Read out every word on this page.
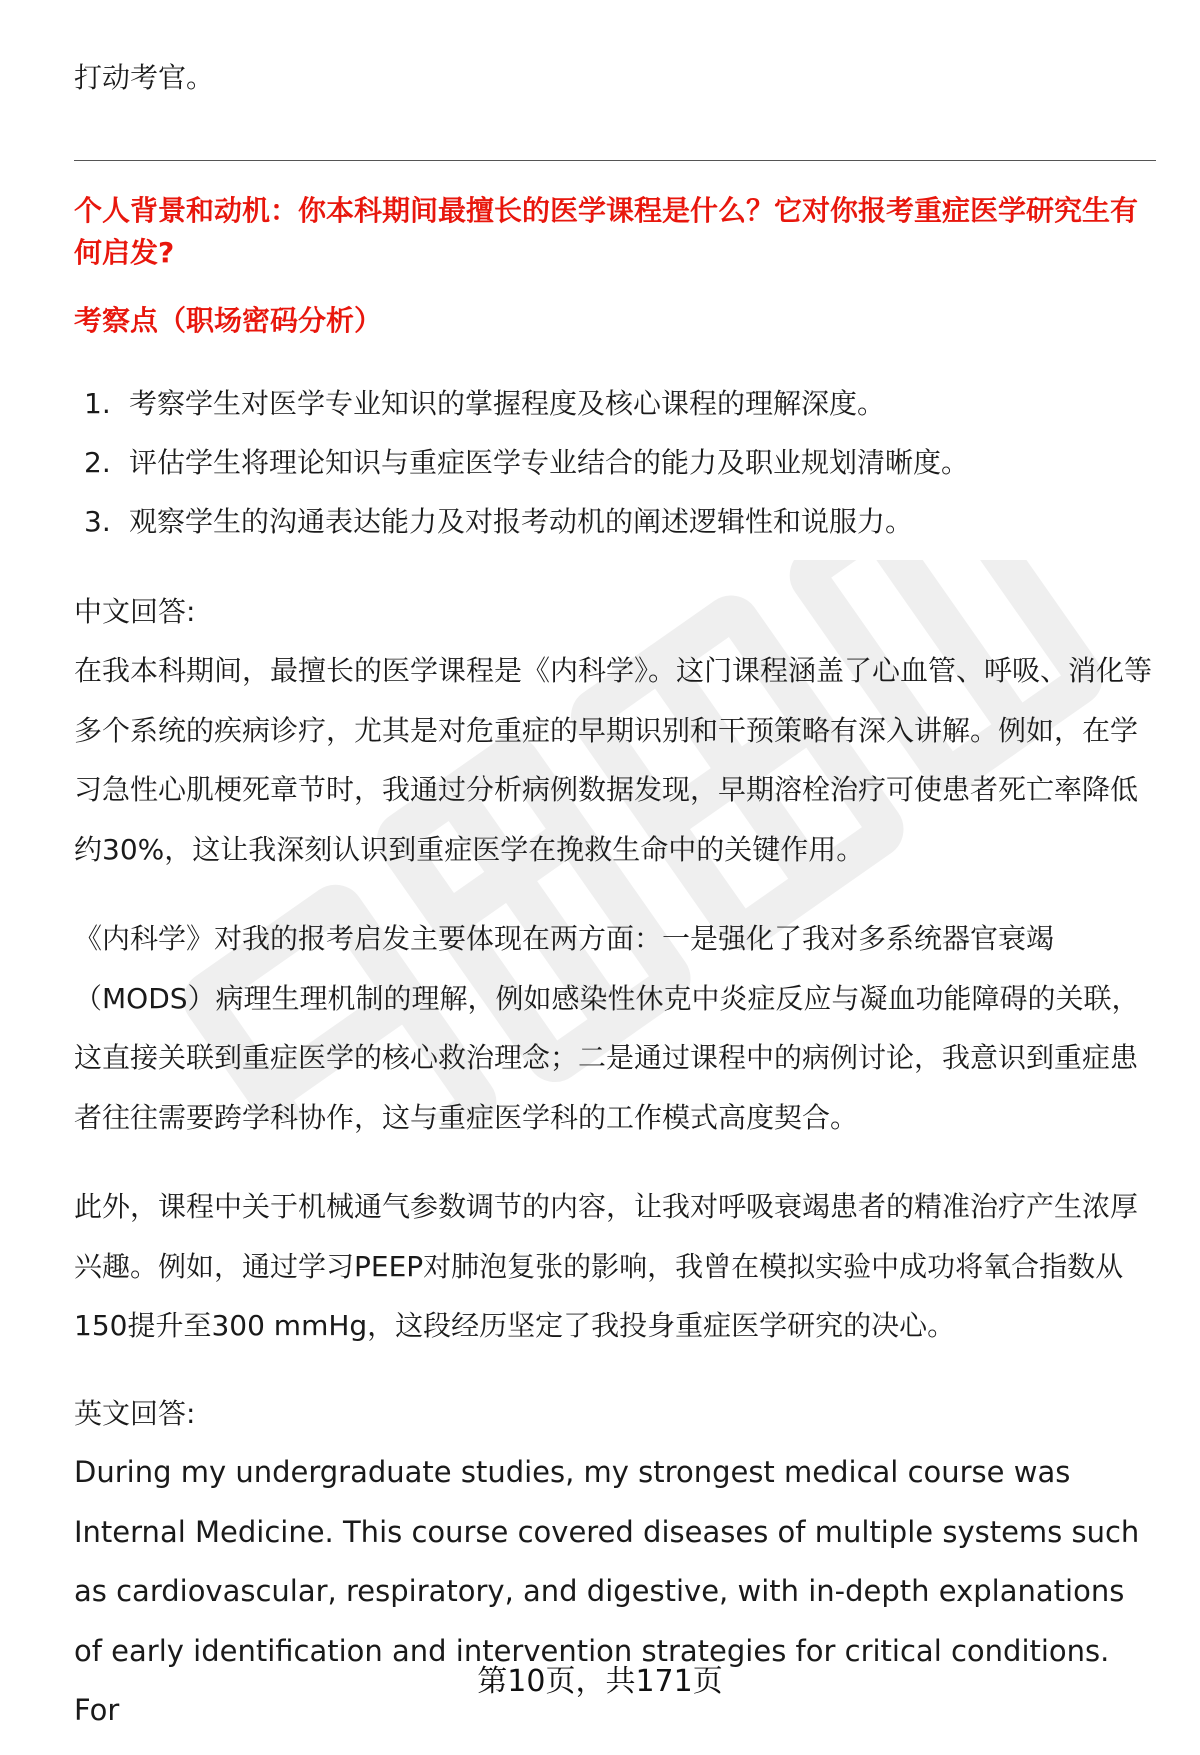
打动考官。
个人背景和动机：你本科期间最擅长的医学课程是什么？它对你报考重症医学研究生有何启发?
考察点（职场密码分析）
1. 考察学生对医学专业知识的掌握程度及核心课程的理解深度。
2. 评估学生将理论知识与重症医学专业结合的能力及职业规划清晰度。
3. 观察学生的沟通表达能力及对报考动机的阐述逻辑性和说服力。
中文回答:

在我本科期间，最擅长的医学课程是《内科学》。这门课程涵盖了心血管、呼吸、消化等多个系统的疾病诊疗，尤其是对危重症的早期识别和干预策略有深入讲解。例如，在学习急性心肌梗死章节时，我通过分析病例数据发现，早期溶栓治疗可使患者死亡率降低约30%，这让我深刻认识到重症医学在挽救生命中的关键作用。

《内科学》对我的报考启发主要体现在两方面：一是强化了我对多系统器官衰竭（MODS）病理生理机制的理解，例如感染性休克中炎症反应与凝血功能障碍的关联，这直接关联到重症医学的核心救治理念；二是通过课程中的病例讨论，我意识到重症患者往往需要跨学科协作，这与重症医学科的工作模式高度契合。

此外，课程中关于机械通气参数调节的内容，让我对呼吸衰竭患者的精准治疗产生浓厚兴趣。例如，通过学习PEEP对肺泡复张的影响，我曾在模拟实验中成功将氧合指数从150提升至300 mmHg，这段经历坚定了我投身重症医学研究的决心。

英文回答:

During my undergraduate studies, my strongest medical course was Internal Medicine. This course covered diseases of multiple systems such as cardiovascular, respiratory, and digestive, with in-depth explanations of early identification and intervention strategies for critical conditions. For

第10页，共171页
